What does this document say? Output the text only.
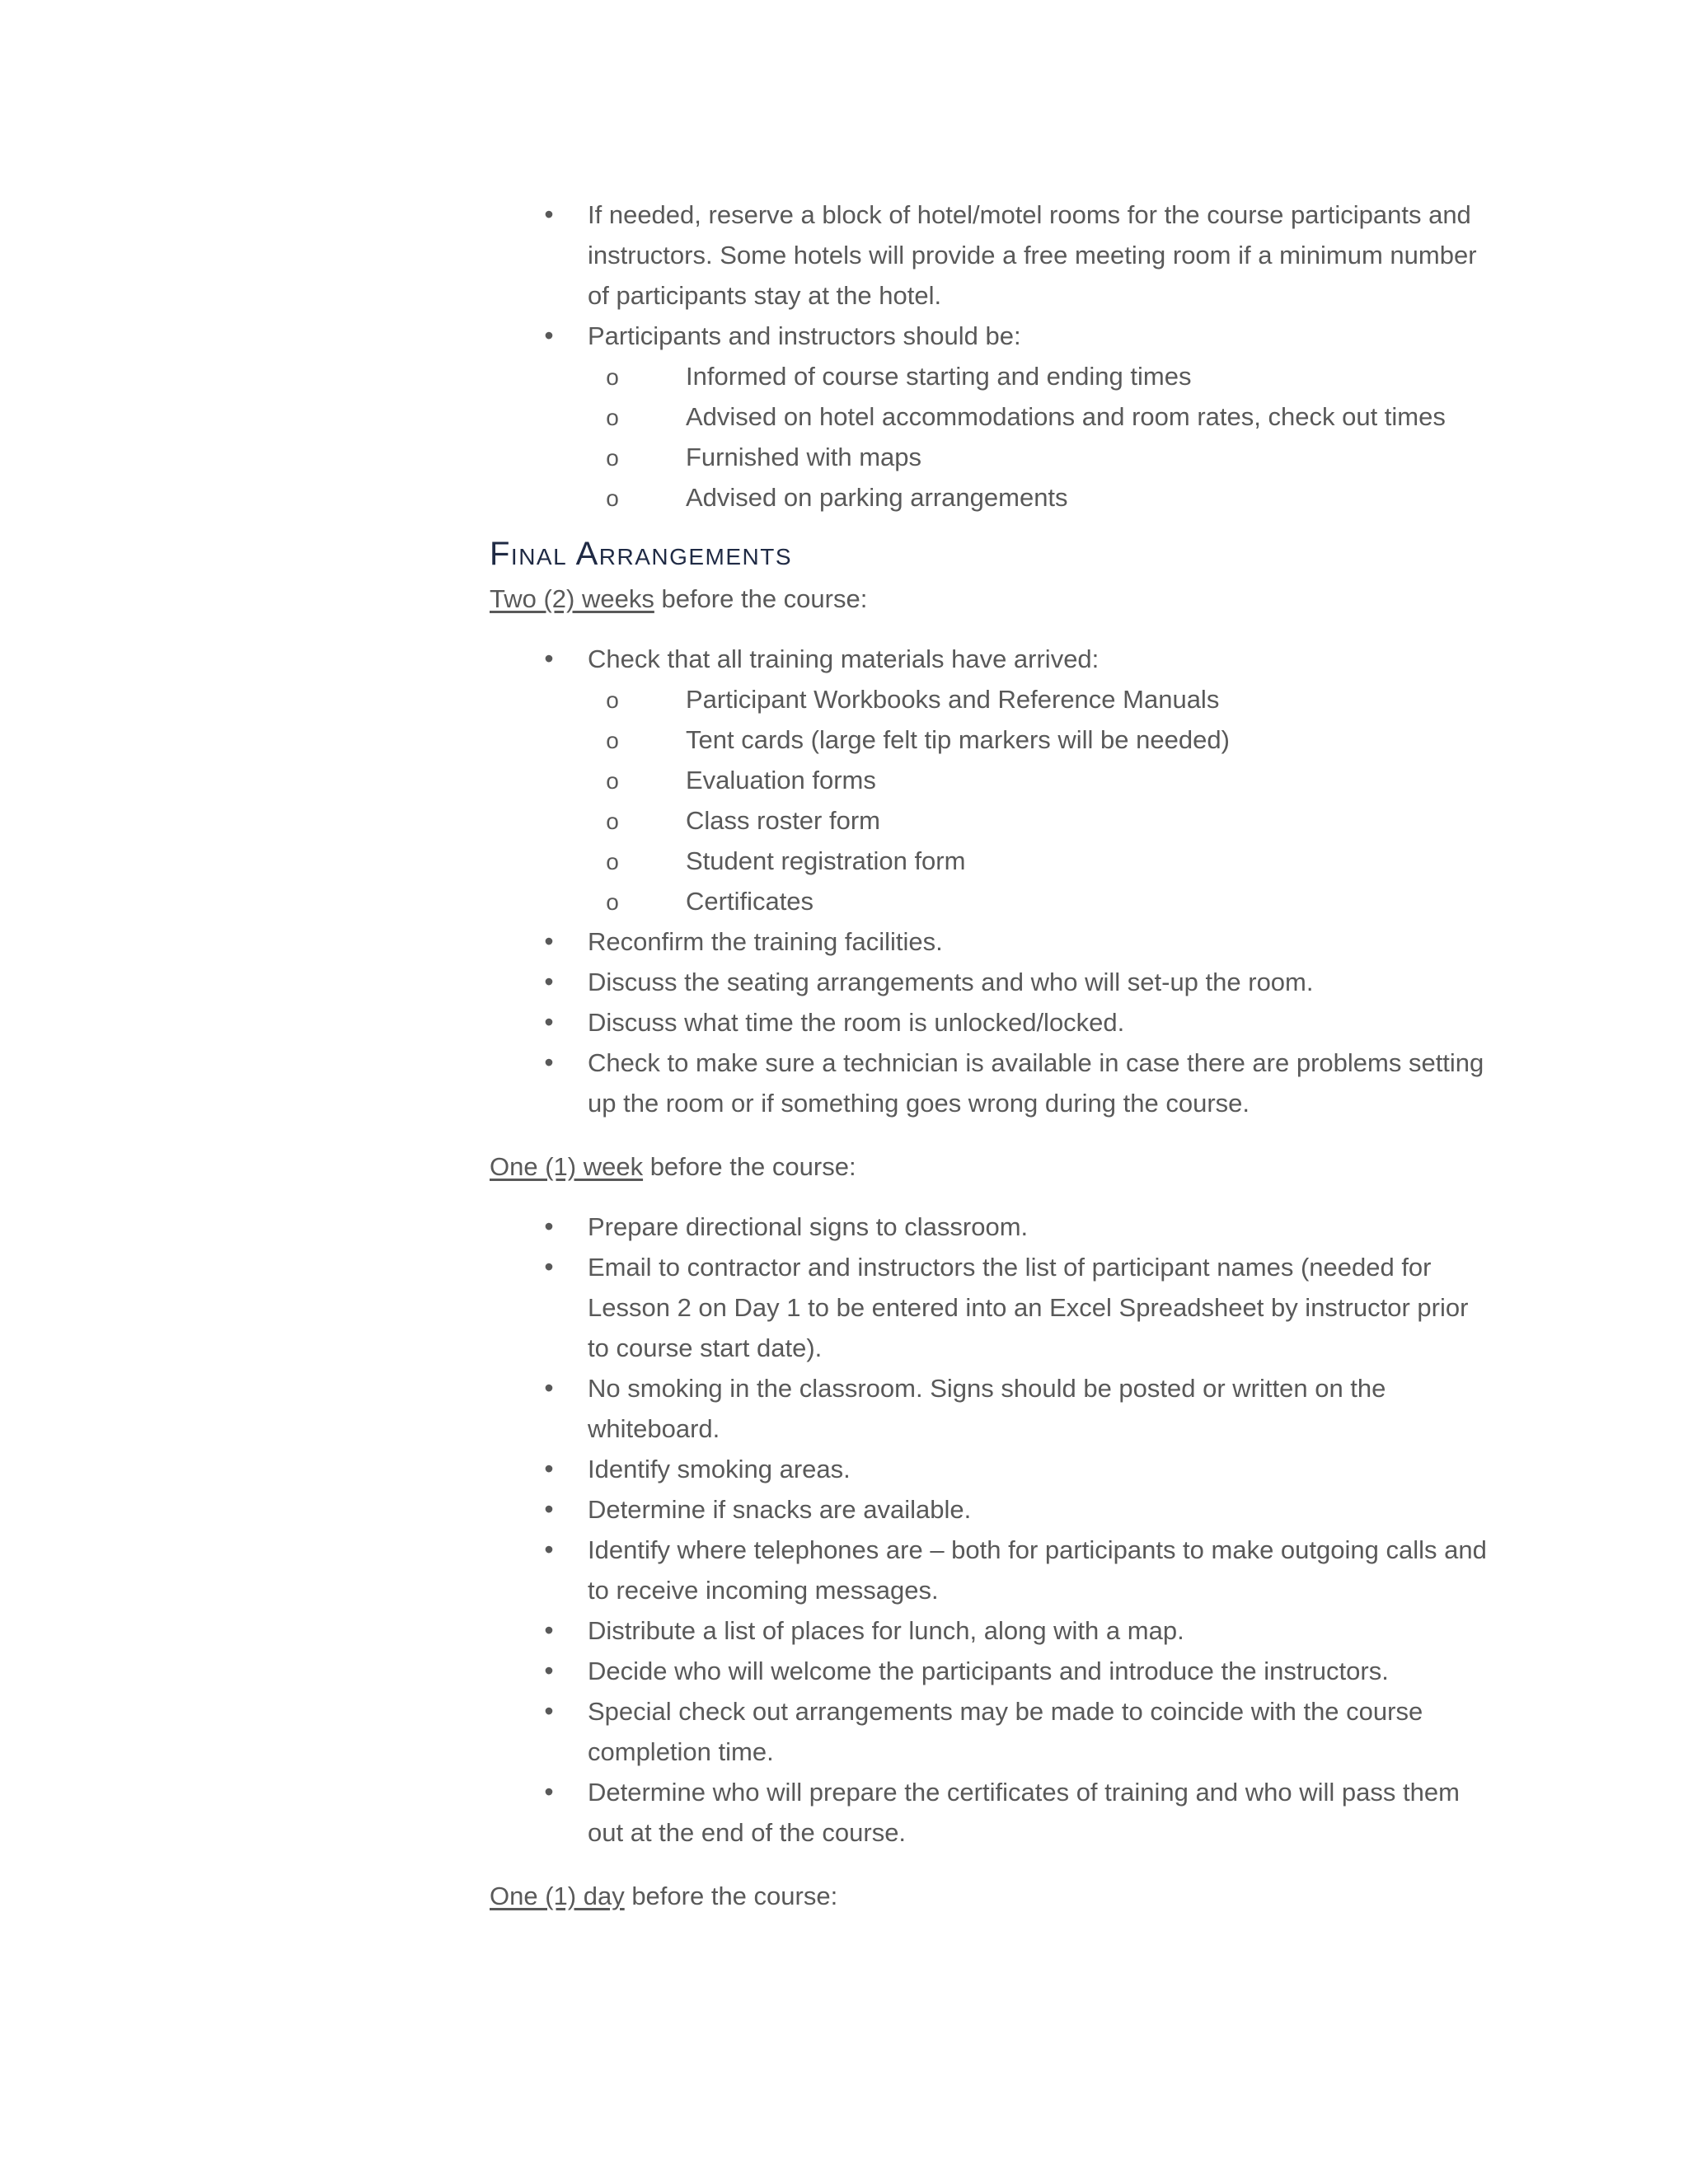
•
If needed, reserve a block of hotel/motel rooms for the course participants and instructors. Some hotels will provide a free meeting room if a minimum number of participants stay at the hotel.
•
Participants and instructors should be:
o
Informed of course starting and ending times
o
Advised on hotel accommodations and room rates, check out times
o
Furnished with maps
o
Advised on parking arrangements
Final Arrangements

Two (2) weeks before the course:

•
Check that all training materials have arrived:
o
Participant Workbooks and Reference Manuals
o
Tent cards (large felt tip markers will be needed)
o
Evaluation forms
o
Class roster form
o
Student registration form
o
Certificates
•
Reconfirm the training facilities.
•
Discuss the seating arrangements and who will set-up the room.
•
Discuss what time the room is unlocked/locked.
•
Check to make sure a technician is available in case there are problems setting up the room or if something goes wrong during the course.

One (1) week before the course:

•
Prepare directional signs to classroom.
•
Email to contractor and instructors the list of participant names (needed for Lesson 2 on Day 1 to be entered into an Excel Spreadsheet by instructor prior to course start date).
•
No smoking in the classroom. Signs should be posted or written on the whiteboard.
•
Identify smoking areas.
•
Determine if snacks are available.
•
Identify where telephones are – both for participants to make outgoing calls and to receive incoming messages.
•
Distribute a list of places for lunch, along with a map.
•
Decide who will welcome the participants and introduce the instructors.
•
Special check out arrangements may be made to coincide with the course completion time.
•
Determine who will prepare the certificates of training and who will pass them out at the end of the course.

One (1) day before the course:
